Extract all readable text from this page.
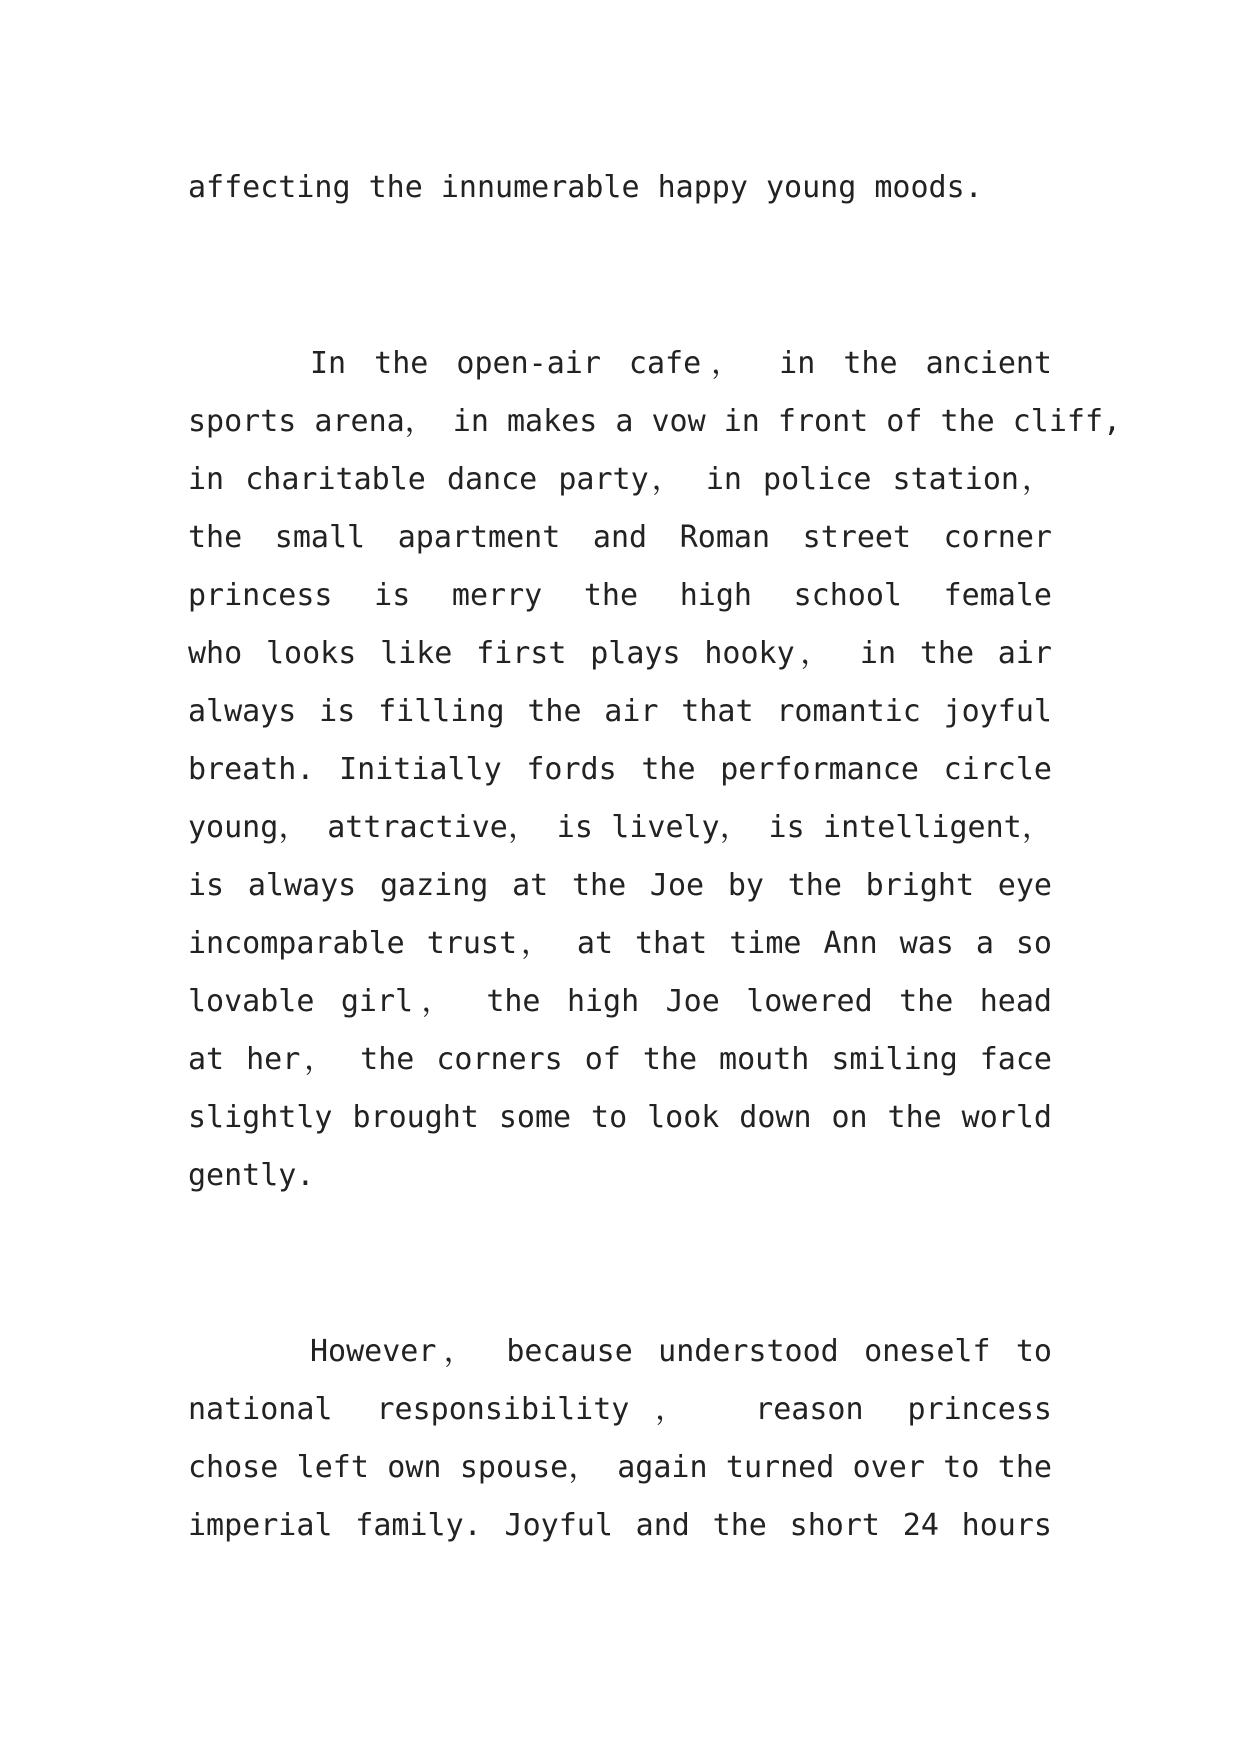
affecting the innumerable happy young moods.
In the open-air cafe， in the ancient
sports arena， in makes a vow in front of the cliff,
in charitable dance party， in police station，
the small apartment and Roman street corner
princess is merry the high school female
who looks like first plays hooky， in the air
always is filling the air that romantic joyful
breath. Initially fords the performance circle
young， attractive， is lively， is intelligent，
is always gazing at the Joe by the bright eye
incomparable trust， at that time Ann was a so
lovable girl， the high Joe lowered the head
at her， the corners of the mouth smiling face
slightly brought some to look down on the world
gently.
However， because understood oneself to
national responsibility， reason princess
chose left own spouse， again turned over to the
imperial family. Joyful and the short 24 hours
